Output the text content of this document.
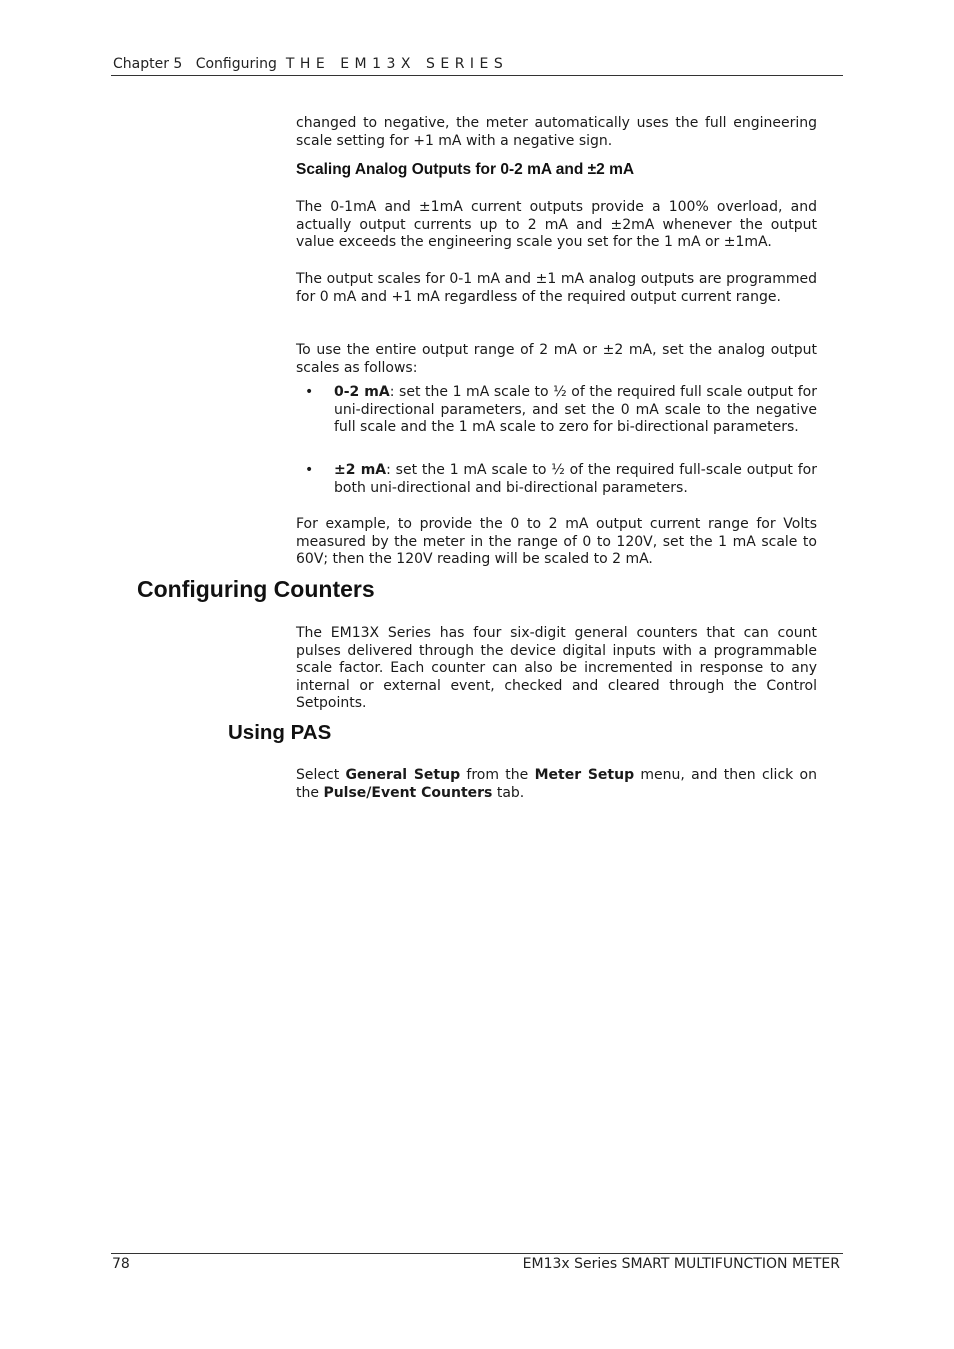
Chapter 5 Configuring THE EM13X SERIES

changed to negative, the meter automatically uses the full engineering scale setting for +1 mA with a negative sign.

Scaling Analog Outputs for 0-2 mA and ±2 mA

The 0-1mA and ±1mA current outputs provide a 100% overload, and actually output currents up to 2 mA and ±2mA whenever the output value exceeds the engineering scale you set for the 1 mA or ±1mA.

The output scales for 0-1 mA and ±1 mA analog outputs are programmed for 0 mA and +1 mA regardless of the required output current range.

To use the entire output range of 2 mA or ±2 mA, set the analog output scales as follows:

• 0-2 mA: set the 1 mA scale to ½ of the required full scale output for uni-directional parameters, and set the 0 mA scale to the negative full scale and the 1 mA scale to zero for bi-directional parameters.
• ±2 mA: set the 1 mA scale to ½ of the required full-scale output for both uni-directional and bi-directional parameters.

For example, to provide the 0 to 2 mA output current range for Volts measured by the meter in the range of 0 to 120V, set the 1 mA scale to 60V; then the 120V reading will be scaled to 2 mA.

Configuring Counters

The EM13X Series has four six-digit general counters that can count pulses delivered through the device digital inputs with a programmable scale factor. Each counter can also be incremented in response to any internal or external event, checked and cleared through the Control Setpoints.

Using PAS

Select General Setup from the Meter Setup menu, and then click on the Pulse/Event Counters tab.

78	EM13x Series SMART MULTIFUNCTION METER
